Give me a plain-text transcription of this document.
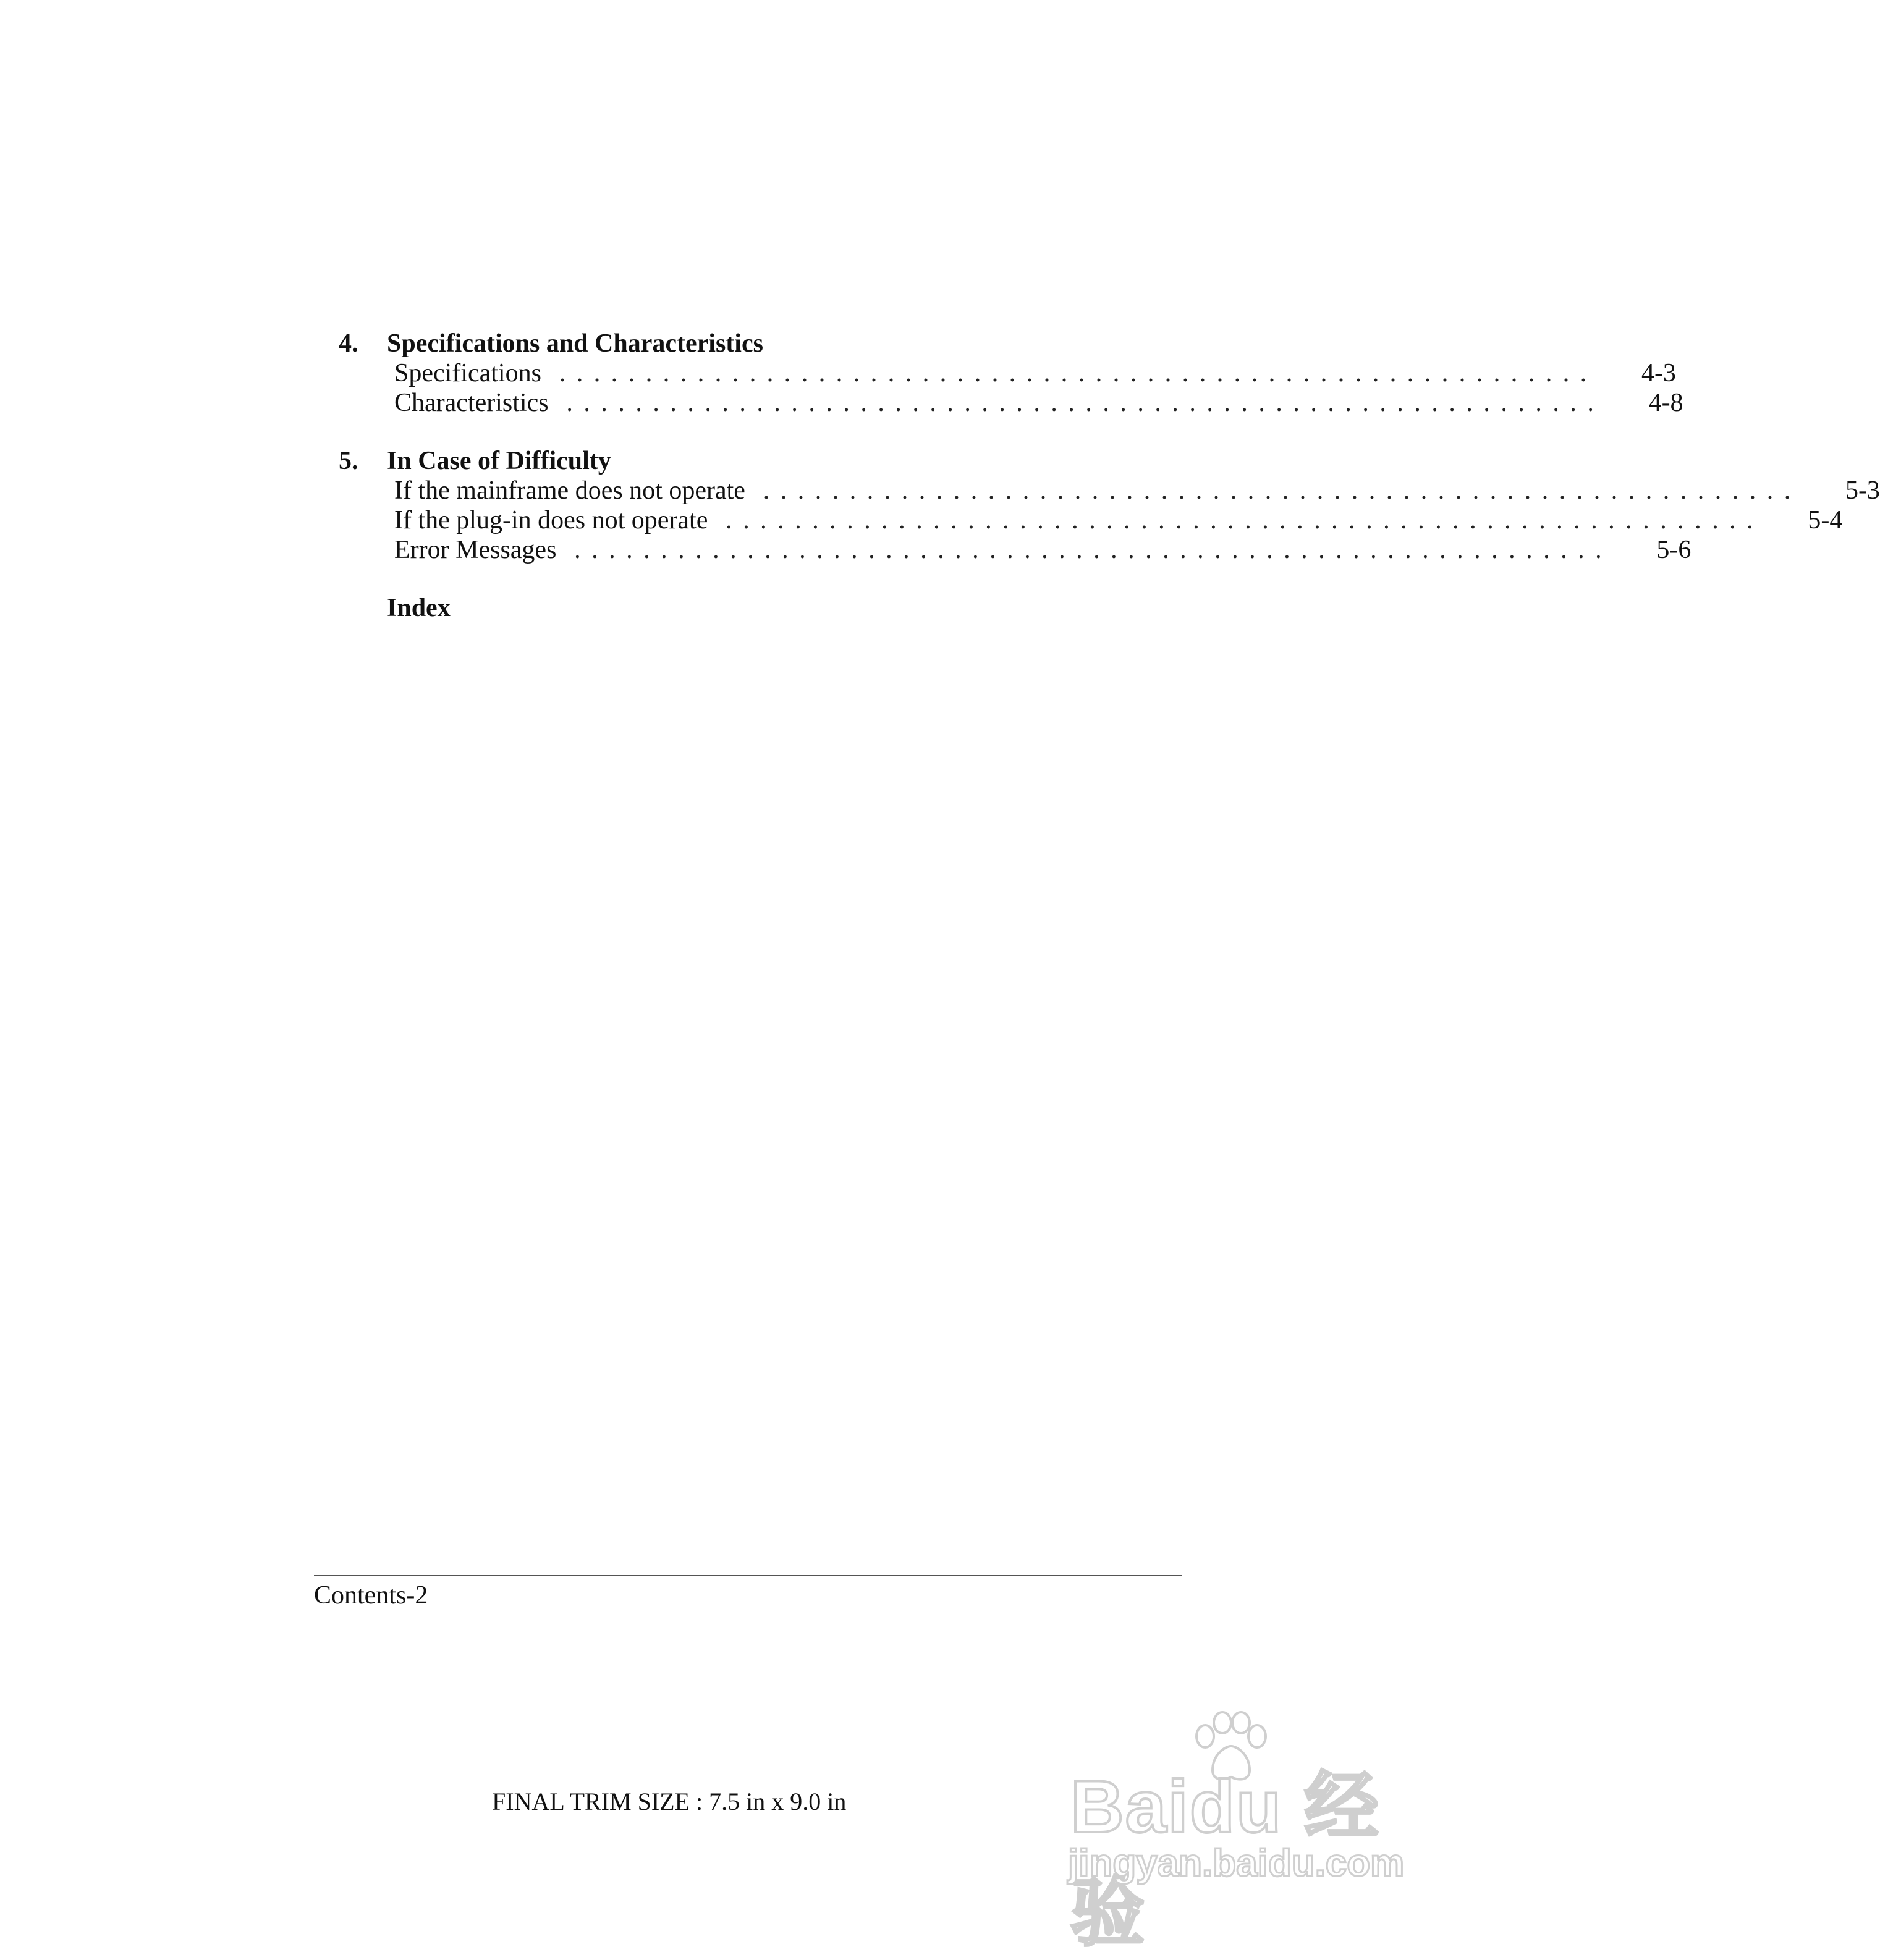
4.	Specifications and Characteristics
Specifications . . . . . . . . . . . . . . . . . . . . . . . . . . . . . . . . . . . . . . . . . . . . . . . . . . . . . . . . . . . .	4-3
Characteristics . . . . . . . . . . . . . . . . . . . . . . . . . . . . . . . . . . . . . . . . . . . . . . . . . . . . . . . . . . . .	4-8
5.	In Case of Difficulty
If the mainframe does not operate . . . . . . . . . . . . . . . . . . . . . . . . . . . . . . . . . . . . . . . . . . . . . . . . . . . . . . . . . . . .	5-3
If the plug-in does not operate . . . . . . . . . . . . . . . . . . . . . . . . . . . . . . . . . . . . . . . . . . . . . . . . . . . . . . . . . . . .	5-4
Error Messages . . . . . . . . . . . . . . . . . . . . . . . . . . . . . . . . . . . . . . . . . . . . . . . . . . . . . . . . . . . .	5-6
Index
Contents-2
FINAL TRIM SIZE : 7.5 in x 9.0 in	Baidu 经验
jingyan.baidu.com
